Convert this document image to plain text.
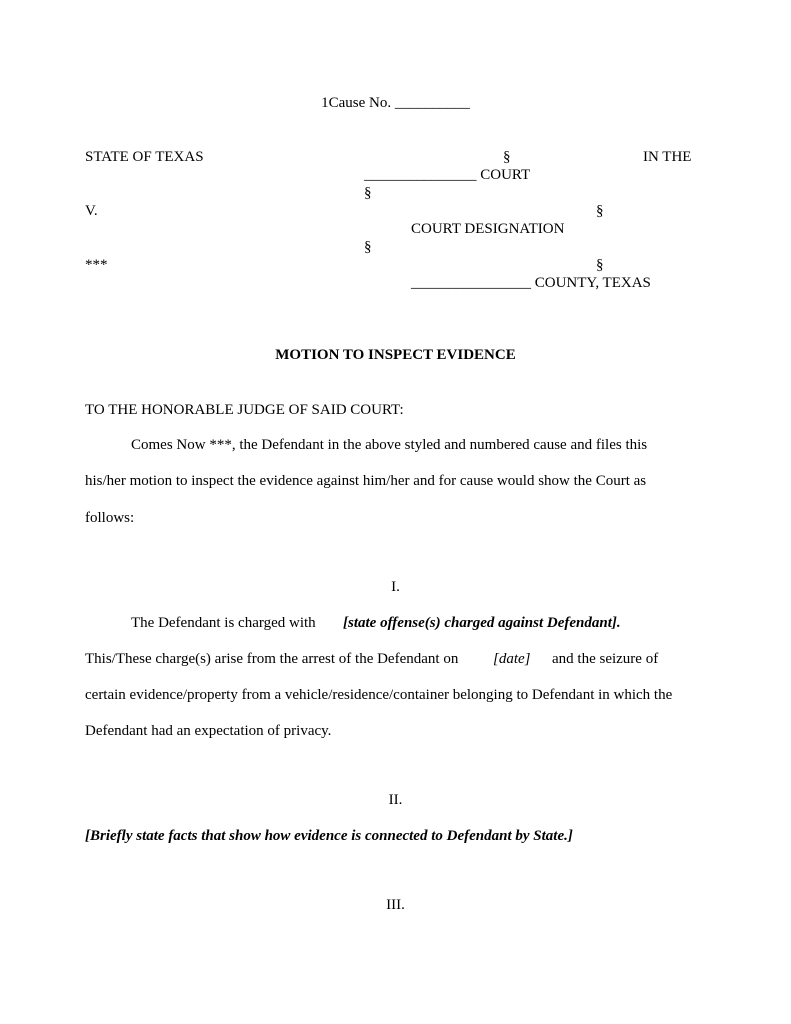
1Cause No. __________
STATE OF TEXAS	§	IN THE
_______________ COURT
§
V.	§
COURT DESIGNATION
§
***	§
________________ COUNTY, TEXAS
MOTION TO INSPECT EVIDENCE
TO THE HONORABLE JUDGE OF SAID COURT:
Comes Now ***, the Defendant in the above styled and numbered cause and files this
his/her motion to inspect the evidence against him/her and for cause would show the Court as
follows:
I.
The Defendant is charged with [state offense(s) charged against Defendant].
This/These charge(s) arise from the arrest of the Defendant on [date] and the seizure of
certain evidence/property from a vehicle/residence/container belonging to Defendant in which the
Defendant had an expectation of privacy.
II.
[Briefly state facts that show how evidence is connected to Defendant by State.]
III.
